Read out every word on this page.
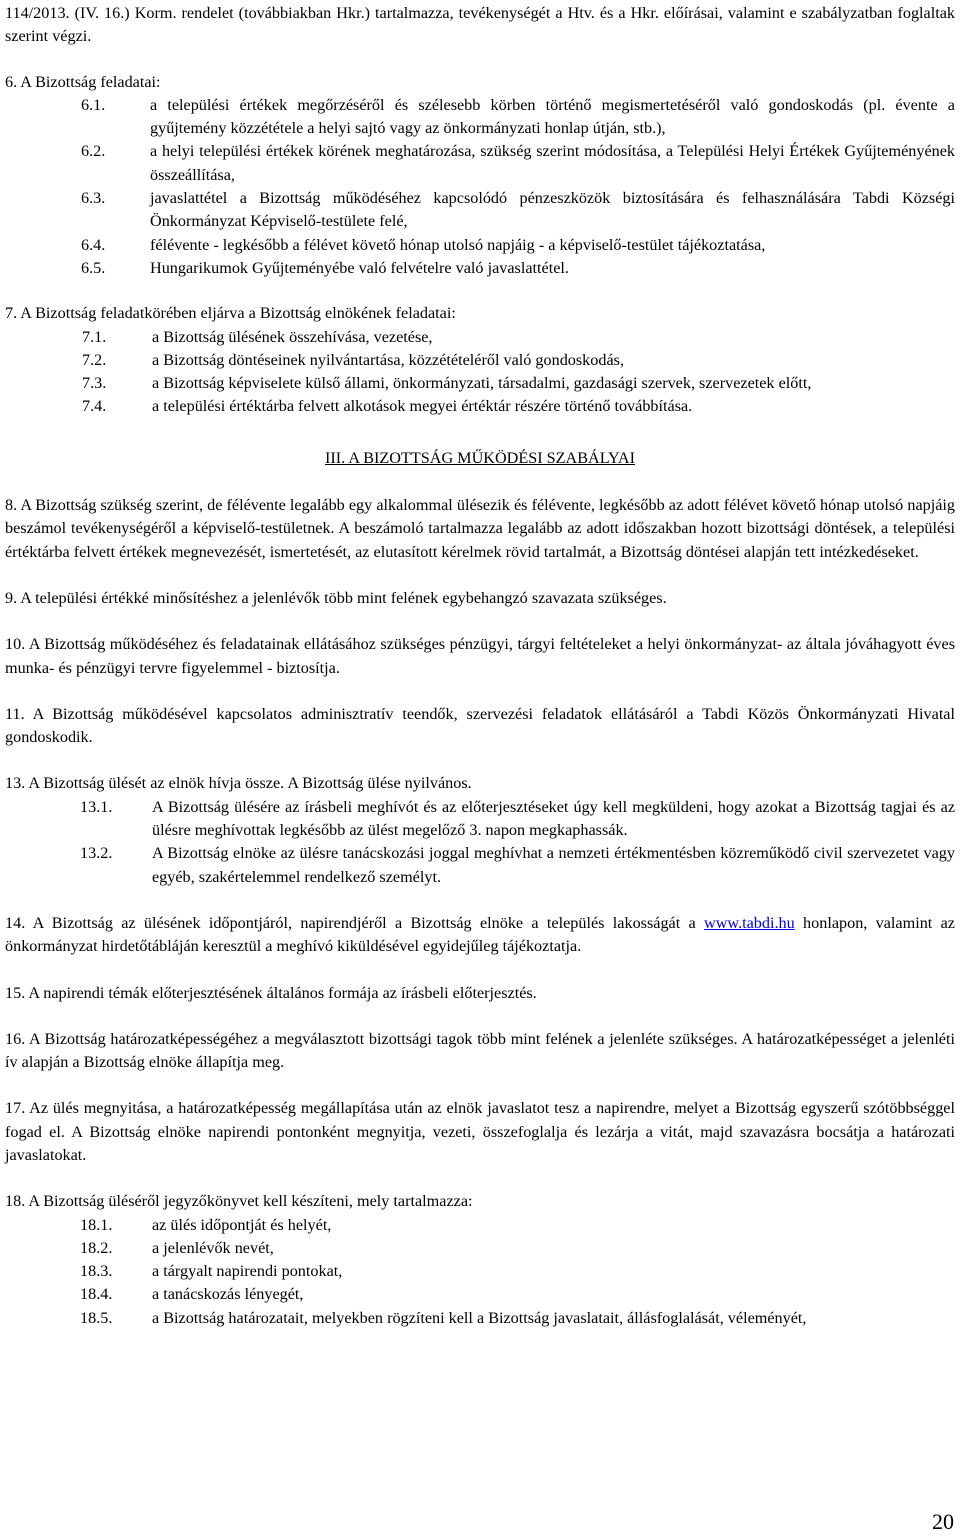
114/2013. (IV. 16.) Korm. rendelet (továbbiakban Hkr.) tartalmazza, tevékenységét a Htv. és a Hkr. előírásai, valamint e szabályzatban foglaltak szerint végzi.

6. A Bizottság feladatai:

6.1.	a települési értékek megőrzéséről és szélesebb körben történő megismertetéséről való gondoskodás (pl. évente a gyűjtemény közzététele a helyi sajtó vagy az önkormányzati honlap útján, stb.),
6.2.	a helyi települési értékek körének meghatározása, szükség szerint módosítása, a Települési Helyi Értékek Gyűjteményének összeállítása,
6.3.	javaslattétel a Bizottság működéséhez kapcsolódó pénzeszközök biztosítására és felhasználására Tabdi Községi Önkormányzat Képviselő-testülete felé,
6.4.	félévente - legkésőbb a félévet követő hónap utolsó napjáig - a képviselő-testület tájékoztatása,
6.5.	Hungarikumok Gyűjteményébe való felvételre való javaslattétel.

7. A Bizottság feladatkörében eljárva a Bizottság elnökének feladatai:

7.1.	a Bizottság ülésének összehívása, vezetése,
7.2.	a Bizottság döntéseinek nyilvántartása, közzétételéről való gondoskodás,
7.3.	a Bizottság képviselete külső állami, önkormányzati, társadalmi, gazdasági szervek, szervezetek előtt,
7.4.	a települési értéktárba felvett alkotások megyei értéktár részére történő továbbítása.

III. A BIZOTTSÁG MŰKÖDÉSI SZABÁLYAI

8. A Bizottság szükség szerint, de félévente legalább egy alkalommal ülésezik és félévente, legkésőbb az adott félévet követő hónap utolsó napjáig beszámol tevékenységéről a képviselő-testületnek. A beszámoló tartalmazza legalább az adott időszakban hozott bizottsági döntések, a települési értéktárba felvett értékek megnevezését, ismertetését, az elutasított kérelmek rövid tartalmát, a Bizottság döntései alapján tett intézkedéseket.

9. A települési értékké minősítéshez a jelenlévők több mint felének egybehangzó szavazata szükséges.

10. A Bizottság működéséhez és feladatainak ellátásához szükséges pénzügyi, tárgyi feltételeket a helyi önkormányzat- az általa jóváhagyott éves munka- és pénzügyi tervre figyelemmel - biztosítja.

11. A Bizottság működésével kapcsolatos adminisztratív teendők, szervezési feladatok ellátásáról a Tabdi Közös Önkormányzati Hivatal gondoskodik.

13. A Bizottság ülését az elnök hívja össze. A Bizottság ülése nyilvános.

13.1.	A Bizottság ülésére az írásbeli meghívót és az előterjesztéseket úgy kell megküldeni, hogy azokat a Bizottság tagjai és az ülésre meghívottak legkésőbb az ülést megelőző 3. napon megkaphassák.
13.2.	A Bizottság elnöke az ülésre tanácskozási joggal meghívhat a nemzeti értékmentésben közreműködő civil szervezetet vagy egyéb, szakértelemmel rendelkező személyt.

14. A Bizottság az ülésének időpontjáról, napirendjéről a Bizottság elnöke a település lakosságát a www.tabdi.hu honlapon, valamint az önkormányzat hirdetőtábláján keresztül a meghívó kiküldésével egyidejűleg tájékoztatja.

15. A napirendi témák előterjesztésének általános formája az írásbeli előterjesztés.

16. A Bizottság határozatképességéhez a megválasztott bizottsági tagok több mint felének a jelenléte szükséges. A határozatképességet a jelenléti ív alapján a Bizottság elnöke állapítja meg.

17. Az ülés megnyitása, a határozatképesség megállapítása után az elnök javaslatot tesz a napirendre, melyet a Bizottság egyszerű szótöbbséggel fogad el. A Bizottság elnöke napirendi pontonként megnyitja, vezeti, összefoglalja és lezárja a vitát, majd szavazásra bocsátja a határozati javaslatokat.

18. A Bizottság üléséről jegyzőkönyvet kell készíteni, mely tartalmazza:

18.1.	az ülés időpontját és helyét,
18.2.	a jelenlévők nevét,
18.3.	a tárgyalt napirendi pontokat,
18.4.	a tanácskozás lényegét,
18.5.	a Bizottság határozatait, melyekben rögzíteni kell a Bizottság javaslatait, állásfoglalását, véleményét,
20
